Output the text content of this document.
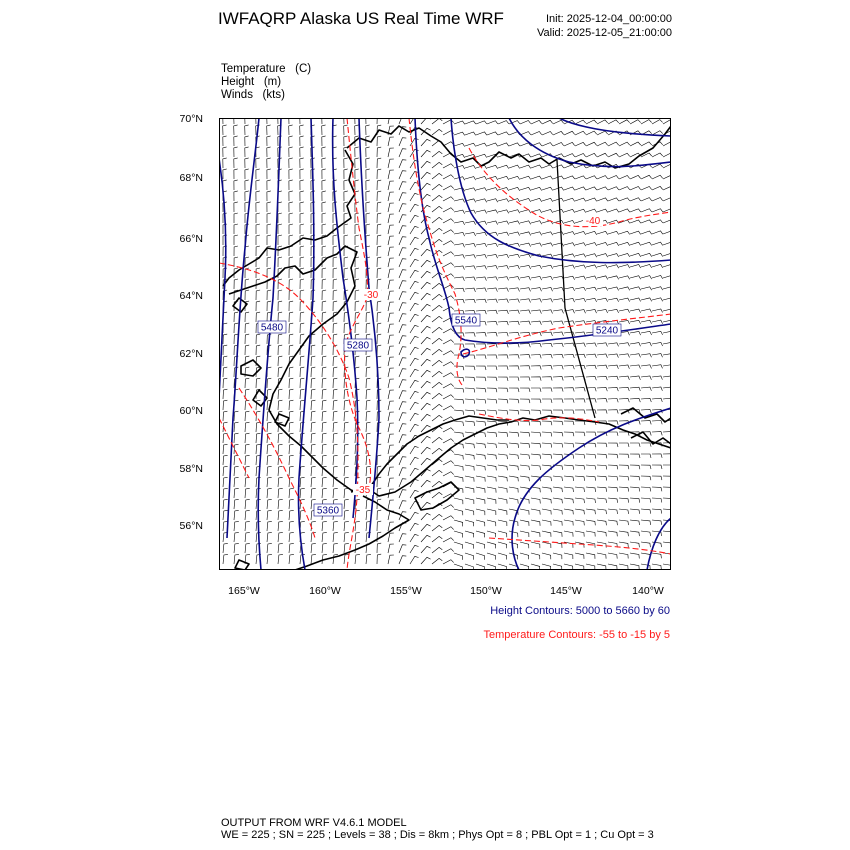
IWFAQRP Alaska US Real Time WRF	Init: 2025-12-04_00:00:00
Valid: 2025-12-05_21:00:00
Temperature (C)
Height (m)
Winds (kts)
70°N
68°N
66°N
64°N
62°N
60°N
58°N
56°N
165°W	160°W	155°W	150°W	145°W	140°W
5480
5280
5360
5540
5240
-30
-40
-35
Height Contours: 5000 to 5660 by 60
Temperature Contours: -55 to -15 by 5
OUTPUT FROM WRF V4.6.1 MODEL
WE = 225 ; SN = 225 ; Levels = 38 ; Dis = 8km ; Phys Opt = 8 ; PBL Opt = 1 ; Cu Opt = 3
